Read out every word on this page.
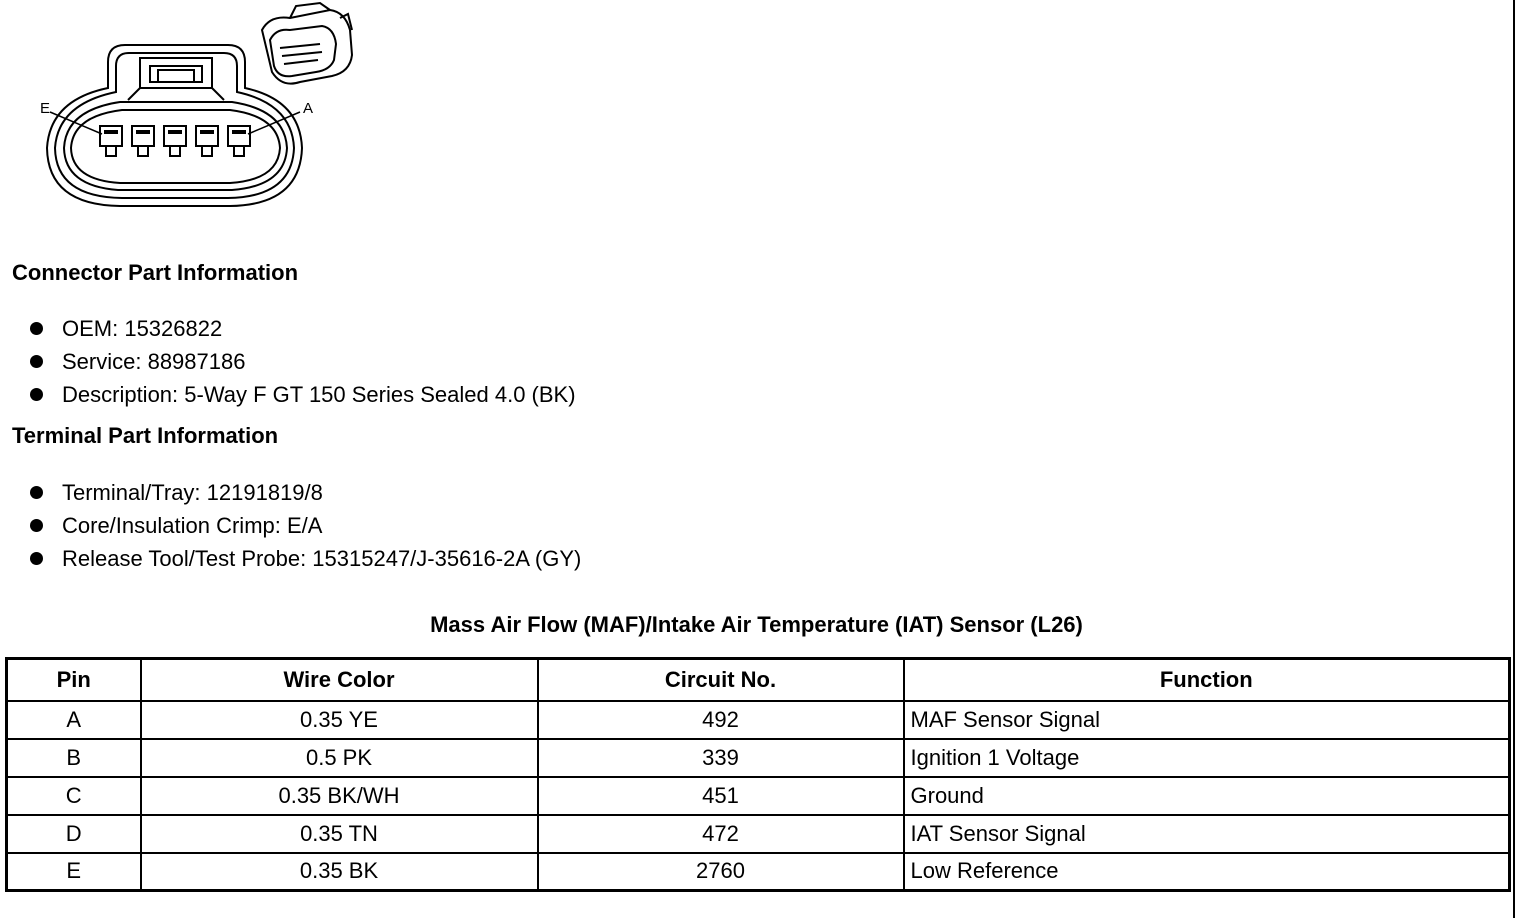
E	A
Connector Part Information
OEM: 15326822
Service: 88987186
Description: 5-Way F GT 150 Series Sealed 4.0 (BK)
Terminal Part Information
Terminal/Tray: 12191819/8
Core/Insulation Crimp: E/A
Release Tool/Test Probe: 15315247/J-35616-2A (GY)
Mass Air Flow (MAF)/Intake Air Temperature (IAT) Sensor (L26)
Pin	Wire Color	Circuit No.	Function
A	0.35 YE	492	MAF Sensor Signal
B	0.5 PK	339	Ignition 1 Voltage
C	0.35 BK/WH	451	Ground
D	0.35 TN	472	IAT Sensor Signal
E	0.35 BK	2760	Low Reference
